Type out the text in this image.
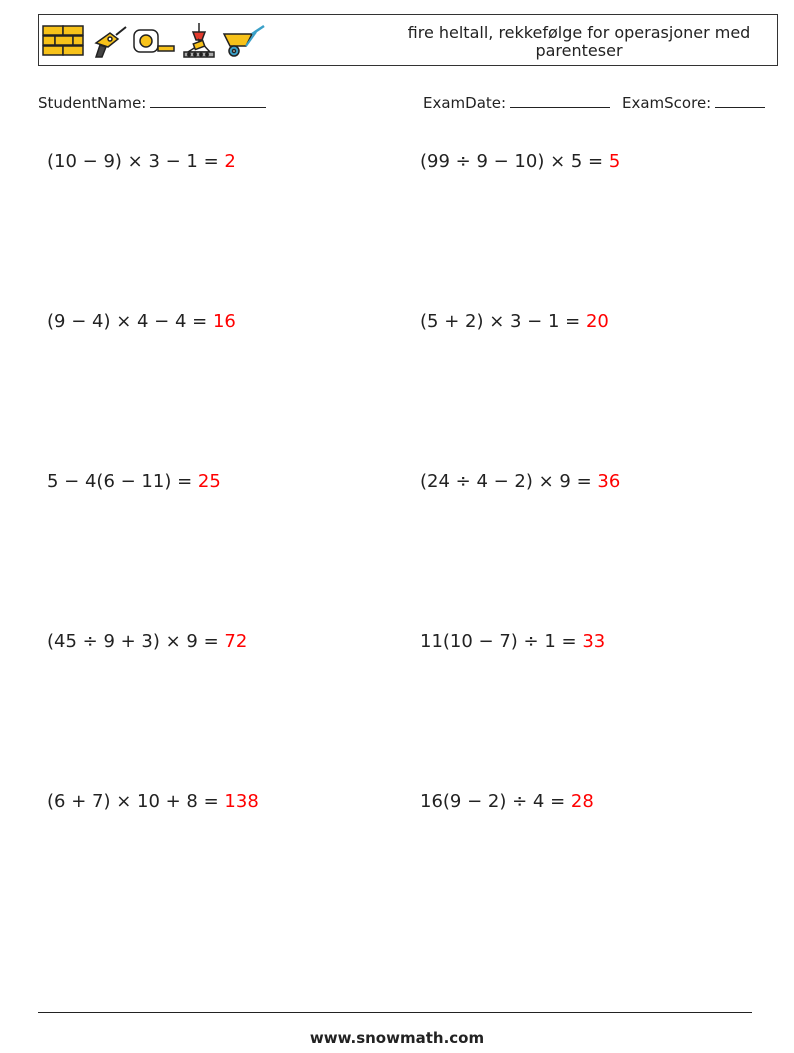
fire heltall, rekkefølge for operasjoner med parenteser
StudentName:	ExamDate:	ExamScore:
(10 − 9) × 3 − 1 = 2	(99 ÷ 9 − 10) × 5 = 5
(9 − 4) × 4 − 4 = 16	(5 + 2) × 3 − 1 = 20
5 − 4(6 − 11) = 25	(24 ÷ 4 − 2) × 9 = 36
(45 ÷ 9 + 3) × 9 = 72	11(10 − 7) ÷ 1 = 33
(6 + 7) × 10 + 8 = 138	16(9 − 2) ÷ 4 = 28
www.snowmath.com
